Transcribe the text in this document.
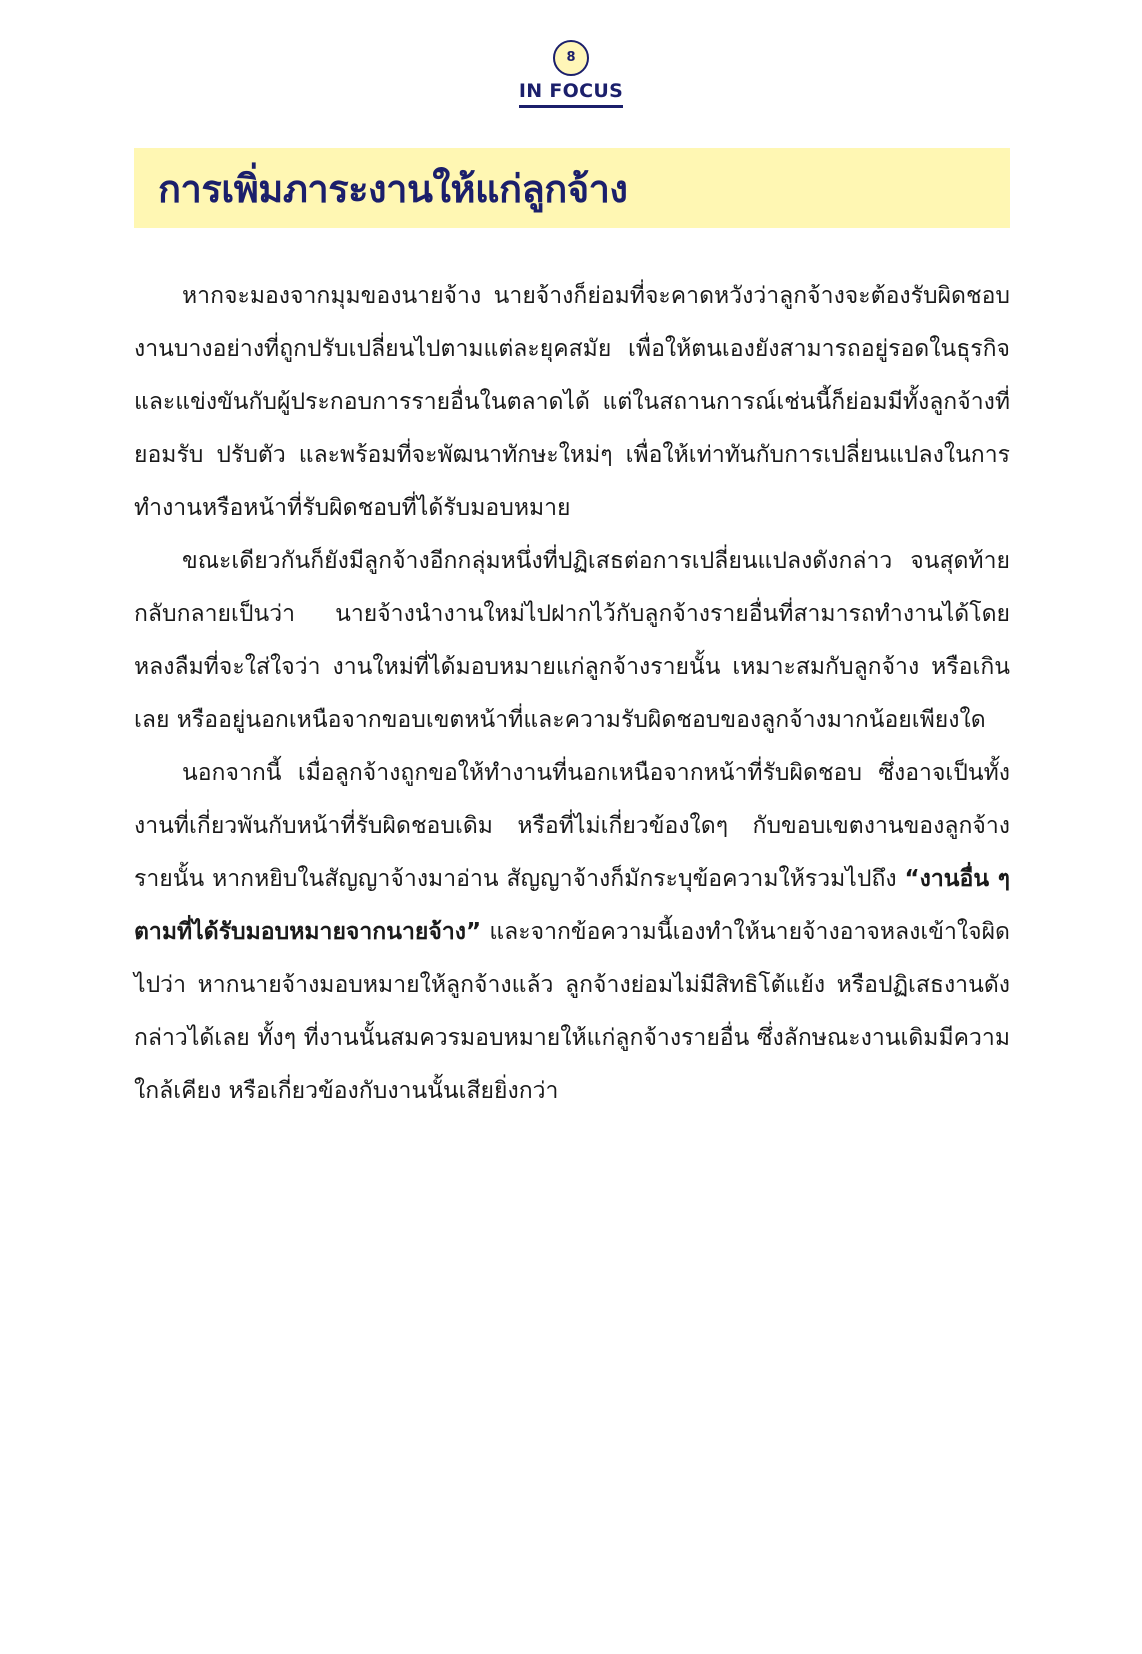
8
IN FOCUS
การเพิ่มภาระงานให้แก่ลูกจ้าง

หากจะมองจากมุมของนายจ้าง นายจ้างก็ย่อมที่จะคาดหวังว่าลูกจ้างจะต้องรับผิดชอบงานบางอย่างที่ถูกปรับเปลี่ยนไปตามแต่ละยุคสมัย เพื่อให้ตนเองยังสามารถอยู่รอดในธุรกิจและแข่งขันกับผู้ประกอบการรายอื่นในตลาดได้ แต่ในสถานการณ์เช่นนี้ก็ย่อมมีทั้งลูกจ้างที่ยอมรับ ปรับตัว และพร้อมที่จะพัฒนาทักษะใหม่ๆ เพื่อให้เท่าทันกับการเปลี่ยนแปลงในการทำงานหรือหน้าที่รับผิดชอบที่ได้รับมอบหมาย

ขณะเดียวกันก็ยังมีลูกจ้างอีกกลุ่มหนึ่งที่ปฏิเสธต่อการเปลี่ยนแปลงดังกล่าว จนสุดท้ายกลับกลายเป็นว่า นายจ้างนำงานใหม่ไปฝากไว้กับลูกจ้างรายอื่นที่สามารถทำงานได้โดยหลงลืมที่จะใส่ใจว่า งานใหม่ที่ได้มอบหมายแก่ลูกจ้างรายนั้น เหมาะสมกับลูกจ้าง หรือเกินเลย หรืออยู่นอกเหนือจากขอบเขตหน้าที่และความรับผิดชอบของลูกจ้างมากน้อยเพียงใด

นอกจากนี้ เมื่อลูกจ้างถูกขอให้ทำงานที่นอกเหนือจากหน้าที่รับผิดชอบ ซึ่งอาจเป็นทั้งงานที่เกี่ยวพันกับหน้าที่รับผิดชอบเดิม หรือที่ไม่เกี่ยวข้องใดๆ กับขอบเขตงานของลูกจ้างรายนั้น หากหยิบในสัญญาจ้างมาอ่าน สัญญาจ้างก็มักระบุข้อความให้รวมไปถึง “งานอื่น ๆ ตามที่ได้รับมอบหมายจากนายจ้าง” และจากข้อความนี้เองทำให้นายจ้างอาจหลงเข้าใจผิดไปว่า หากนายจ้างมอบหมายให้ลูกจ้างแล้ว ลูกจ้างย่อมไม่มีสิทธิโต้แย้ง หรือปฏิเสธงานดังกล่าวได้เลย ทั้งๆ ที่งานนั้นสมควรมอบหมายให้แก่ลูกจ้างรายอื่น ซึ่งลักษณะงานเดิมมีความใกล้เคียง หรือเกี่ยวข้องกับงานนั้นเสียยิ่งกว่า
